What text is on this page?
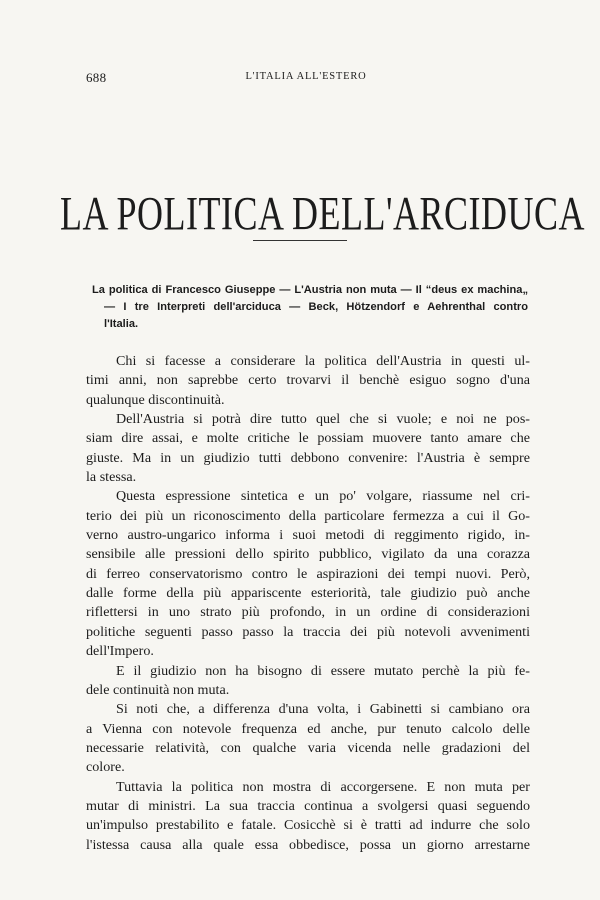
688	L'ITALIA ALL'ESTERO
LA POLITICA DELL'ARCIDUCA

La politica di Francesco Giuseppe — L'Austria non muta — Il “deus ex machina„
— I tre Interpreti dell'arciduca — Beck, Hötzendorf e Aehrenthal contro
l'Italia.

Chi si facesse a considerare la politica dell'Austria in questi ul-
timi anni, non saprebbe certo trovarvi il benchè esiguo sogno d'una
qualunque discontinuità.
Dell'Austria si potrà dire tutto quel che si vuole; e noi ne pos-
siam dire assai, e molte critiche le possiam muovere tanto amare che
giuste. Ma in un giudizio tutti debbono convenire: l'Austria è sempre
la stessa.
Questa espressione sintetica e un po' volgare, riassume nel cri-
terio dei più un riconoscimento della particolare fermezza a cui il Go-
verno austro-ungarico informa i suoi metodi di reggimento rigido, in-
sensibile alle pressioni dello spirito pubblico, vigilato da una corazza
di ferreo conservatorismo contro le aspirazioni dei tempi nuovi. Però,
dalle forme della più appariscente esteriorità, tale giudizio può anche
riflettersi in uno strato più profondo, in un ordine di considerazioni
politiche seguenti passo passo la traccia dei più notevoli avvenimenti
dell'Impero.
E il giudizio non ha bisogno di essere mutato perchè la più fe-
dele continuità non muta.
Si noti che, a differenza d'una volta, i Gabinetti si cambiano ora
a Vienna con notevole frequenza ed anche, pur tenuto calcolo delle
necessarie relatività, con qualche varia vicenda nelle gradazioni del
colore.
Tuttavia la politica non mostra di accorgersene. E non muta per
mutar di ministri. La sua traccia continua a svolgersi quasi seguendo
un'impulso prestabilito e fatale. Cosicchè si è tratti ad indurre che solo
l'istessa causa alla quale essa obbedisce, possa un giorno arrestarne
